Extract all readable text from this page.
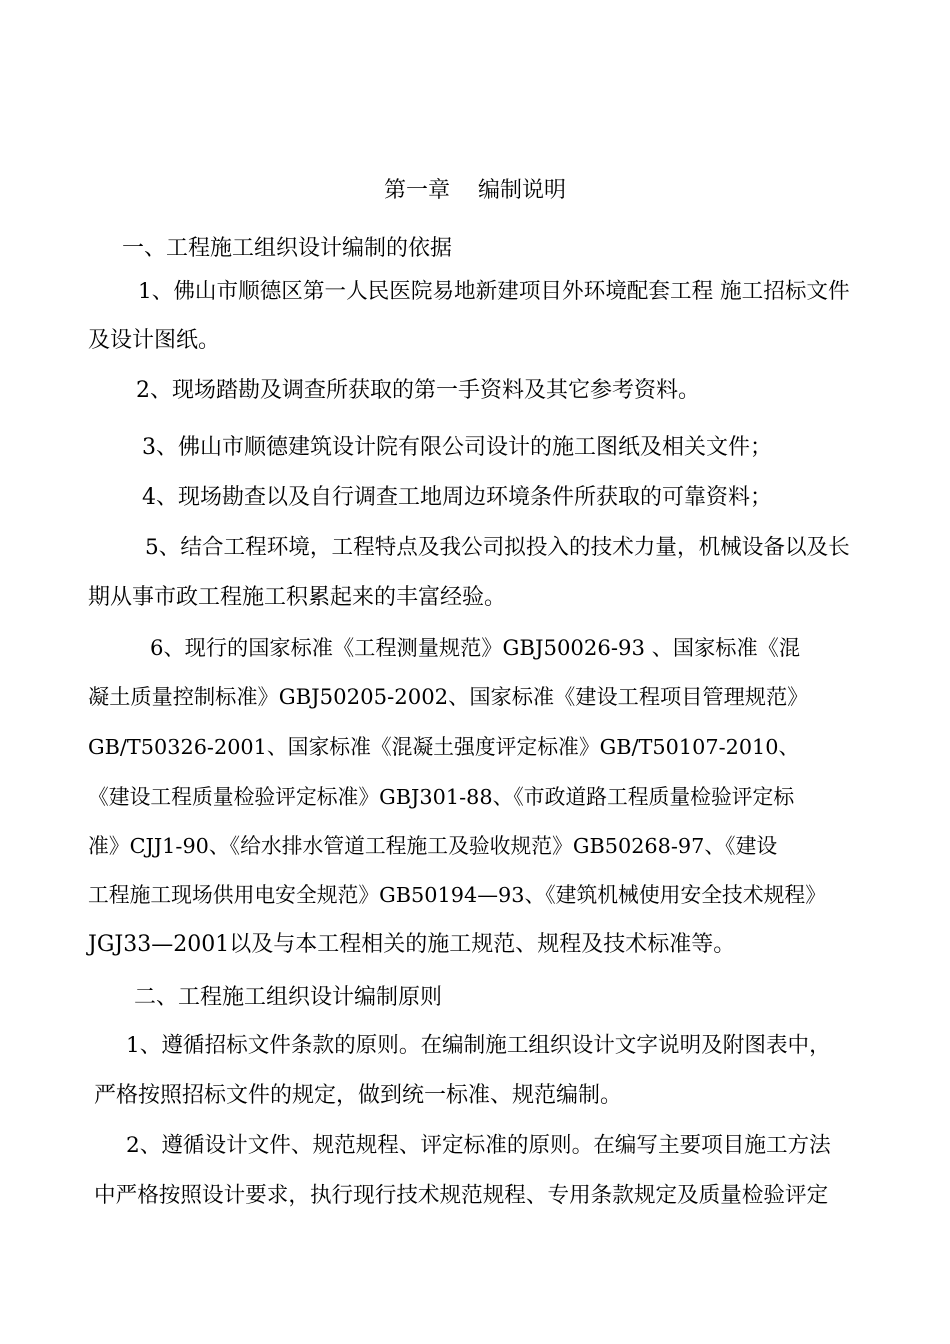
第一章    编制说明
一、工程施工组织设计编制的依据
1、佛山市顺德区第一人民医院易地新建项目外环境配套工程 施工招标文件
及设计图纸。
2、现场踏勘及调查所获取的第一手资料及其它参考资料。
3、佛山市顺德建筑设计院有限公司设计的施工图纸及相关文件；
4、现场勘查以及自行调查工地周边环境条件所获取的可靠资料；
5、结合工程环境，工程特点及我公司拟投入的技术力量，机械设备以及长
期从事市政工程施工积累起来的丰富经验。
6、现行的国家标准《工程测量规范》GBJ50026-93 、国家标准《混
凝土质量控制标准》GBJ50205-2002、国家标准《建设工程项目管理规范》
GB/T50326-2001、国家标准《混凝土强度评定标准》GB/T50107-2010、
《建设工程质量检验评定标准》GBJ301-88、《市政道路工程质量检验评定标
准》CJJ1-90、《给水排水管道工程施工及验收规范》GB50268-97、《建设
工程施工现场供用电安全规范》GB50194—93、《建筑机械使用安全技术规程》
JGJ33—2001以及与本工程相关的施工规范、规程及技术标准等。
二、工程施工组织设计编制原则
1、遵循招标文件条款的原则。在编制施工组织设计文字说明及附图表中，
严格按照招标文件的规定，做到统一标准、规范编制。
2、遵循设计文件、规范规程、评定标准的原则。在编写主要项目施工方法
中严格按照设计要求，执行现行技术规范规程、专用条款规定及质量检验评定
